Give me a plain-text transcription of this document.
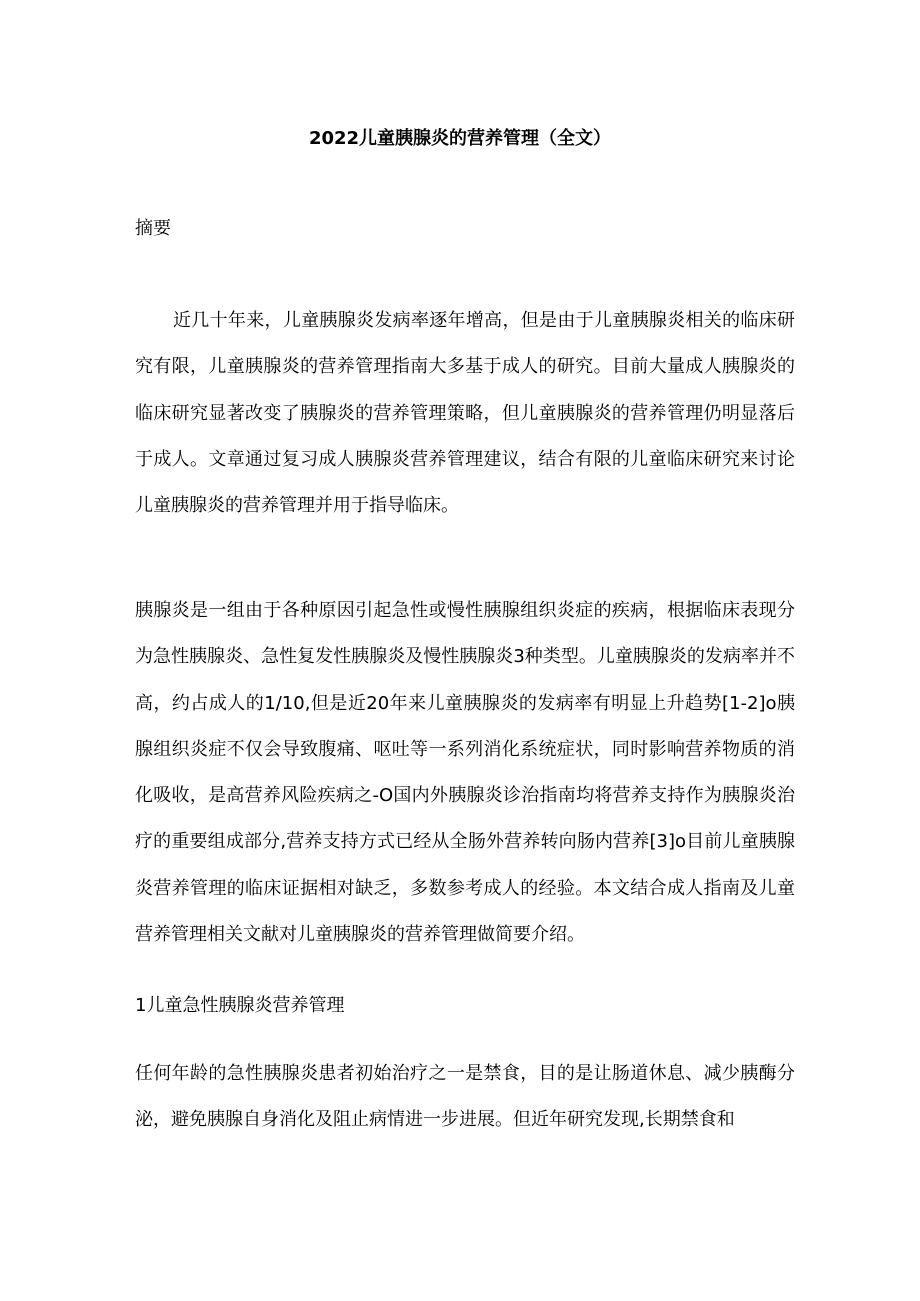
2022儿童胰腺炎的营养管理（全文）
摘要

近几十年来，儿童胰腺炎发病率逐年增高，但是由于儿童胰腺炎相关的临床研究有限，儿童胰腺炎的营养管理指南大多基于成人的研究。目前大量成人胰腺炎的临床研究显著改变了胰腺炎的营养管理策略，但儿童胰腺炎的营养管理仍明显落后于成人。文章通过复习成人胰腺炎营养管理建议，结合有限的儿童临床研究来讨论儿童胰腺炎的营养管理并用于指导临床。

胰腺炎是一组由于各种原因引起急性或慢性胰腺组织炎症的疾病，根据临床表现分为急性胰腺炎、急性复发性胰腺炎及慢性胰腺炎3种类型。儿童胰腺炎的发病率并不高，约占成人的1/10,但是近20年来儿童胰腺炎的发病率有明显上升趋势[1-2]o胰腺组织炎症不仅会导致腹痛、呕吐等一系列消化系统症状，同时影响营养物质的消化吸收，是高营养风险疾病之-O国内外胰腺炎诊治指南均将营养支持作为胰腺炎治疗的重要组成部分,营养支持方式已经从全肠外营养转向肠内营养[3]o目前儿童胰腺炎营养管理的临床证据相对缺乏，多数参考成人的经验。本文结合成人指南及儿童营养管理相关文献对儿童胰腺炎的营养管理做简要介绍。

1儿童急性胰腺炎营养管理

任何年龄的急性胰腺炎患者初始治疗之一是禁食，目的是让肠道休息、减少胰酶分泌，避免胰腺自身消化及阻止病情进一步进展。但近年研究发现,长期禁食和
